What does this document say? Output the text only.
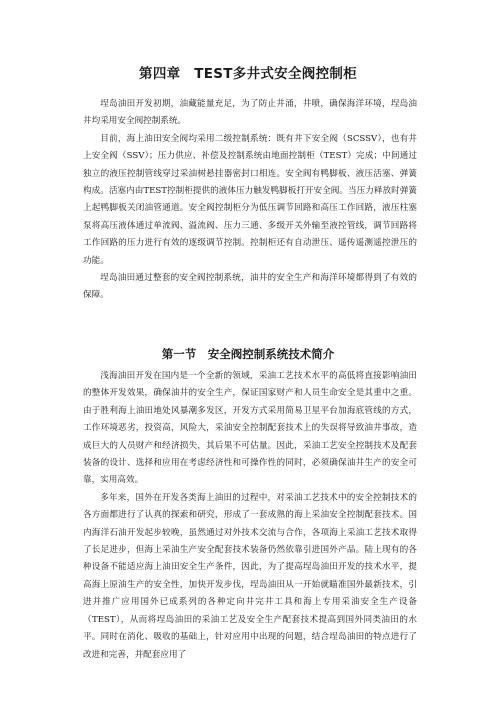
第四章　TEST多井式安全阀控制柜

埕岛油田开发初期，油藏能量充足，为了防止井涌，井喷，确保海洋环境，埕岛油井均采用安全阀控制系统。

目前，海上油田安全阀均采用二级控制系统：既有井下安全阀（SCSSV），也有井上安全阀（SSV）；压力供应、补偿及控制系统由地面控制柜（TEST）完成；中间通过独立的液压控制管线穿过采油树悬挂器密封口相连。安全阀有鸭脚板、液压活塞、弹簧构成。活塞内由TEST控制柜提供的液体压力触发鸭脚板打开安全阀。当压力释放时弹簧上起鸭脚板关闭油管通道。安全阀控制柜分为低压调节回路和高压工作回路，液压柱塞泵将高压液体通过单流阀、溢流阀、压力三通、多级开关外输至液控管线，调节回路将工作回路的压力进行有效的逐级调节控制。控制柜还有自动泄压、遥传遥测遥控泄压的功能。

埕岛油田通过整套的安全阀控制系统，油井的安全生产和海洋环境都得到了有效的保障。

第一节　安全阀控制系统技术简介

浅海油田开发在国内是一个全新的领域，采油工艺技术水平的高低将直接影响油田的整体开发效果，确保油井的安全生产，保证国家财产和人员生命安全是其重中之重。由于胜利海上油田地处风暴潮多发区，开发方式采用简易卫星平台加海底管线的方式，工作环境恶劣，投资高，风险大，采油安全控制配套技术上的失误将导致油井事故，造成巨大的人员财产和经济损失，其后果不可估量。因此，采油工艺安全控制技术及配套装备的设计、选择和应用在考虑经济性和可操作性的同时，必须确保油井生产的安全可靠，实用高效。

多年来，国外在开发各类海上油田的过程中，对采油工艺技术中的安全控制技术的各方面都进行了认真的探索和研究，形成了一套成熟的海上采油安全控制配套技术。国内海洋石油开发起步较晚，虽然通过对外技术交流与合作，各项海上采油工艺技术取得了长足进步，但海上采油生产安全配套技术装备仍然依靠引进国外产品。陆上现有的各种设备不能适应海上油田安全生产条件，因此，为了提高埕岛油田开发的技术水平，提高海上原油生产的安全性，加快开发步伐，埕岛油田从一开始就瞄准国外最新技术，引进并推广应用国外已成系列的各种定向井完井工具和海上专用采油安全生产设备（TEST），从而将埕岛油田的采油工艺及安全生产配套技术提高到国外同类油田的水平。同时在消化、吸收的基础上，针对应用中出现的问题，结合埕岛油田的特点进行了改进和完善，并配套应用了
